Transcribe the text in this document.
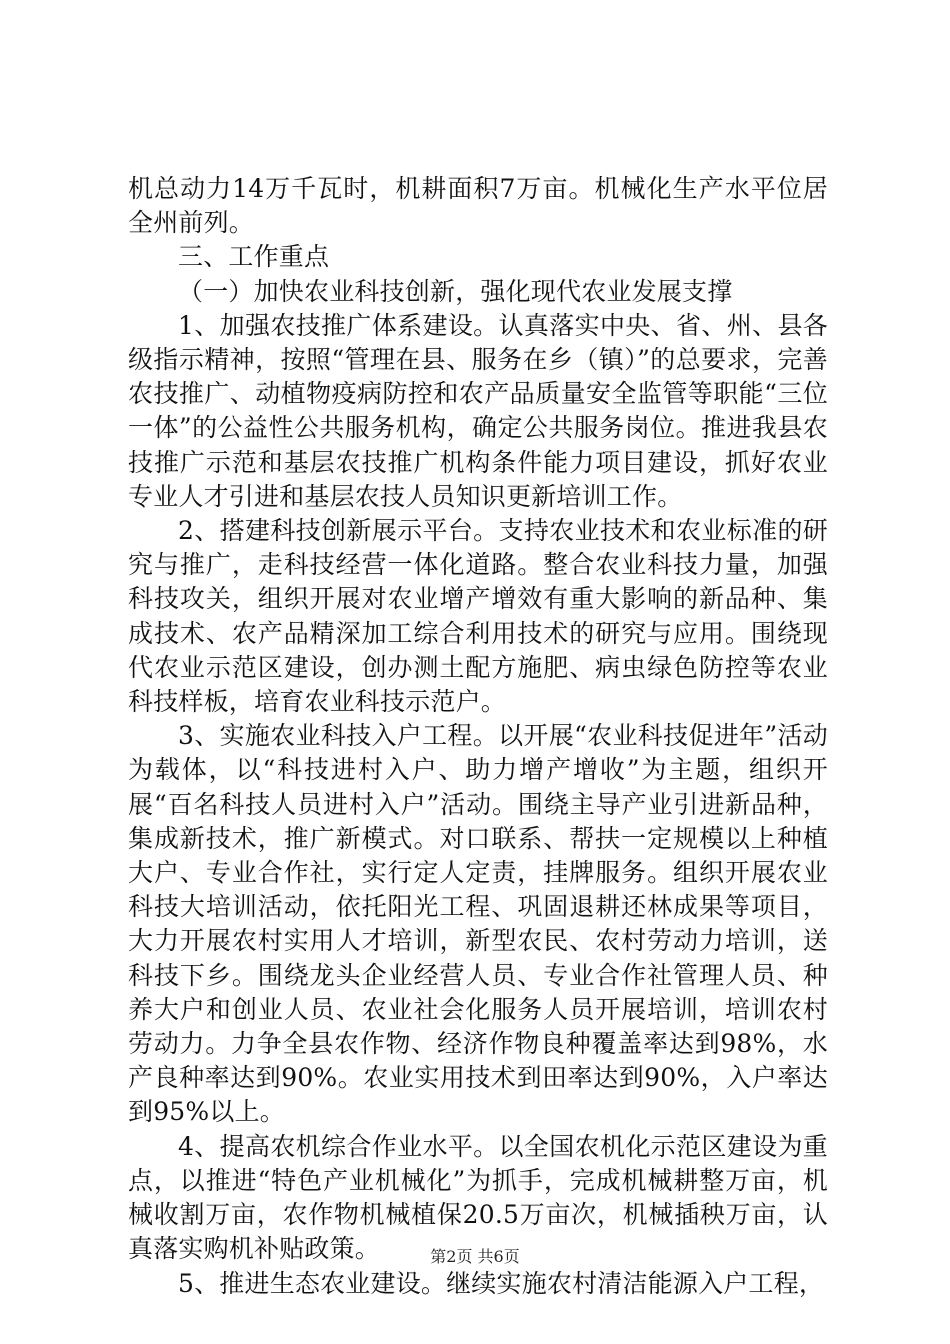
机总动力14万千瓦时，机耕面积7万亩。机械化生产水平位居全州前列。

三、工作重点

（一）加快农业科技创新，强化现代农业发展支撑

1、加强农技推广体系建设。认真落实中央、省、州、县各级指示精神，按照“管理在县、服务在乡（镇）”的总要求，完善农技推广、动植物疫病防控和农产品质量安全监管等职能“三位一体”的公益性公共服务机构，确定公共服务岗位。推进我县农技推广示范和基层农技推广机构条件能力项目建设，抓好农业专业人才引进和基层农技人员知识更新培训工作。

2、搭建科技创新展示平台。支持农业技术和农业标准的研究与推广，走科技经营一体化道路。整合农业科技力量，加强科技攻关，组织开展对农业增产增效有重大影响的新品种、集成技术、农产品精深加工综合利用技术的研究与应用。围绕现代农业示范区建设，创办测土配方施肥、病虫绿色防控等农业科技样板，培育农业科技示范户。

3、实施农业科技入户工程。以开展“农业科技促进年”活动为载体，以“科技进村入户、助力增产增收”为主题，组织开展“百名科技人员进村入户”活动。围绕主导产业引进新品种，集成新技术，推广新模式。对口联系、帮扶一定规模以上种植大户、专业合作社，实行定人定责，挂牌服务。组织开展农业科技大培训活动，依托阳光工程、巩固退耕还林成果等项目，大力开展农村实用人才培训，新型农民、农村劳动力培训，送科技下乡。围绕龙头企业经营人员、专业合作社管理人员、种养大户和创业人员、农业社会化服务人员开展培训，培训农村劳动力。力争全县农作物、经济作物良种覆盖率达到98%，水产良种率达到90%。农业实用技术到田率达到90%，入户率达到95%以上。

4、提高农机综合作业水平。以全国农机化示范区建设为重点，以推进“特色产业机械化”为抓手，完成机械耕整万亩，机械收割万亩，农作物机械植保20.5万亩次，机械插秧万亩，认真落实购机补贴政策。

5、推进生态农业建设。继续实施农村清洁能源入户工程，

第2页 共6页
